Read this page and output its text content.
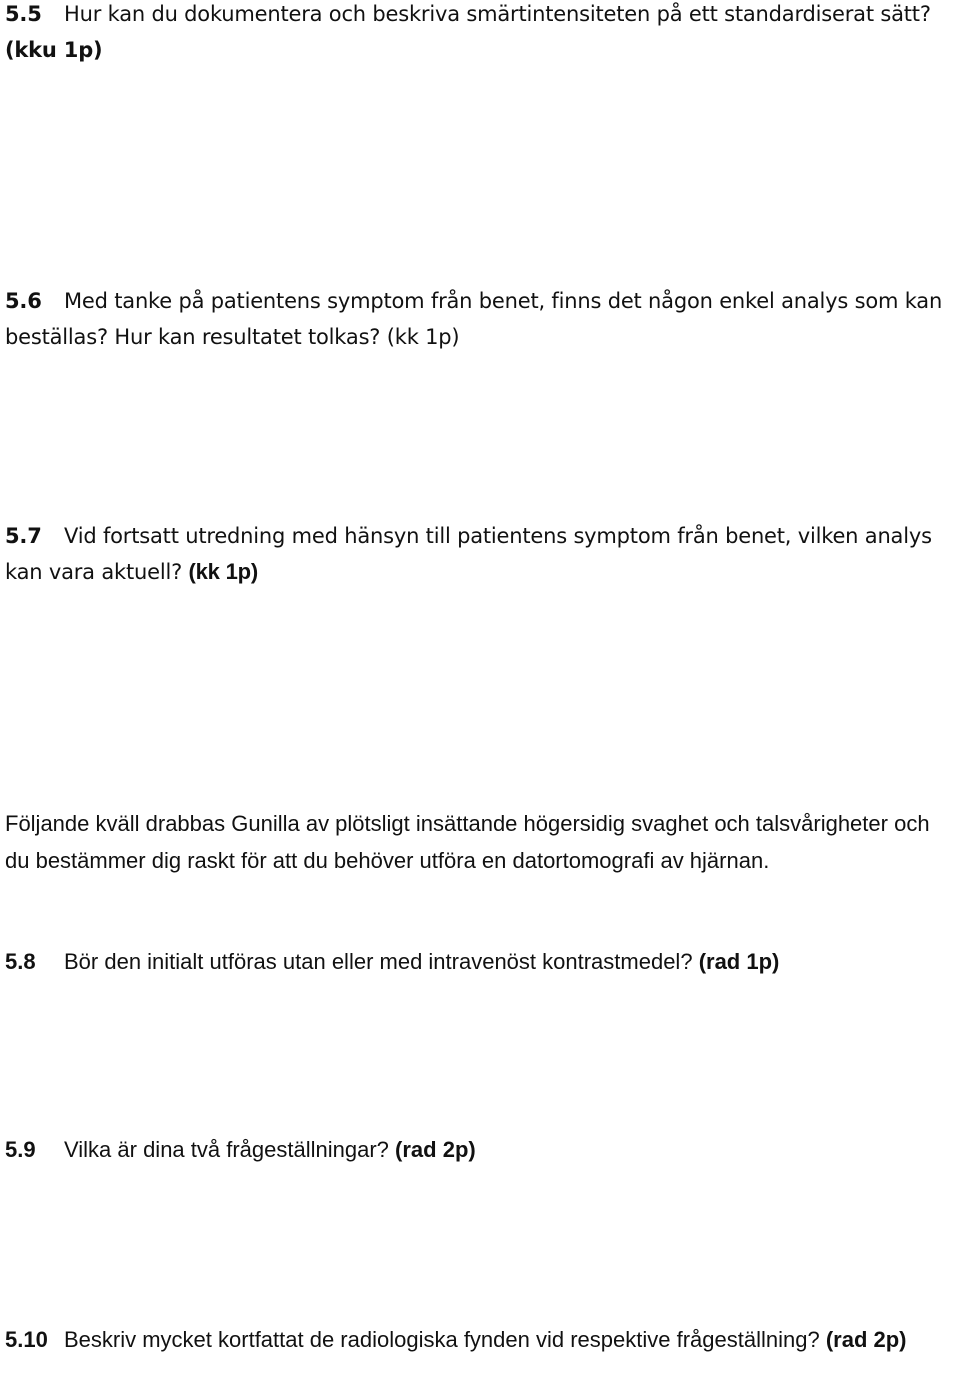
5.5 Hur kan du dokumentera och beskriva smärtintensiteten på ett standardiserat sätt?
(kku 1p)

5.6 Med tanke på patientens symptom från benet, finns det någon enkel analys som kan beställas? Hur kan resultatet tolkas? (kk 1p)

5.7 Vid fortsatt utredning med hänsyn till patientens symptom från benet, vilken analys kan vara aktuell? (kk 1p)

Följande kväll drabbas Gunilla av plötsligt insättande högersidig svaghet och talsvårigheter och du bestämmer dig raskt för att du behöver utföra en datortomografi av hjärnan.

5.8 Bör den initialt utföras utan eller med intravenöst kontrastmedel? (rad 1p)

5.9 Vilka är dina två frågeställningar? (rad 2p)

5.10 Beskriv mycket kortfattat de radiologiska fynden vid respektive frågeställning? (rad 2p)
